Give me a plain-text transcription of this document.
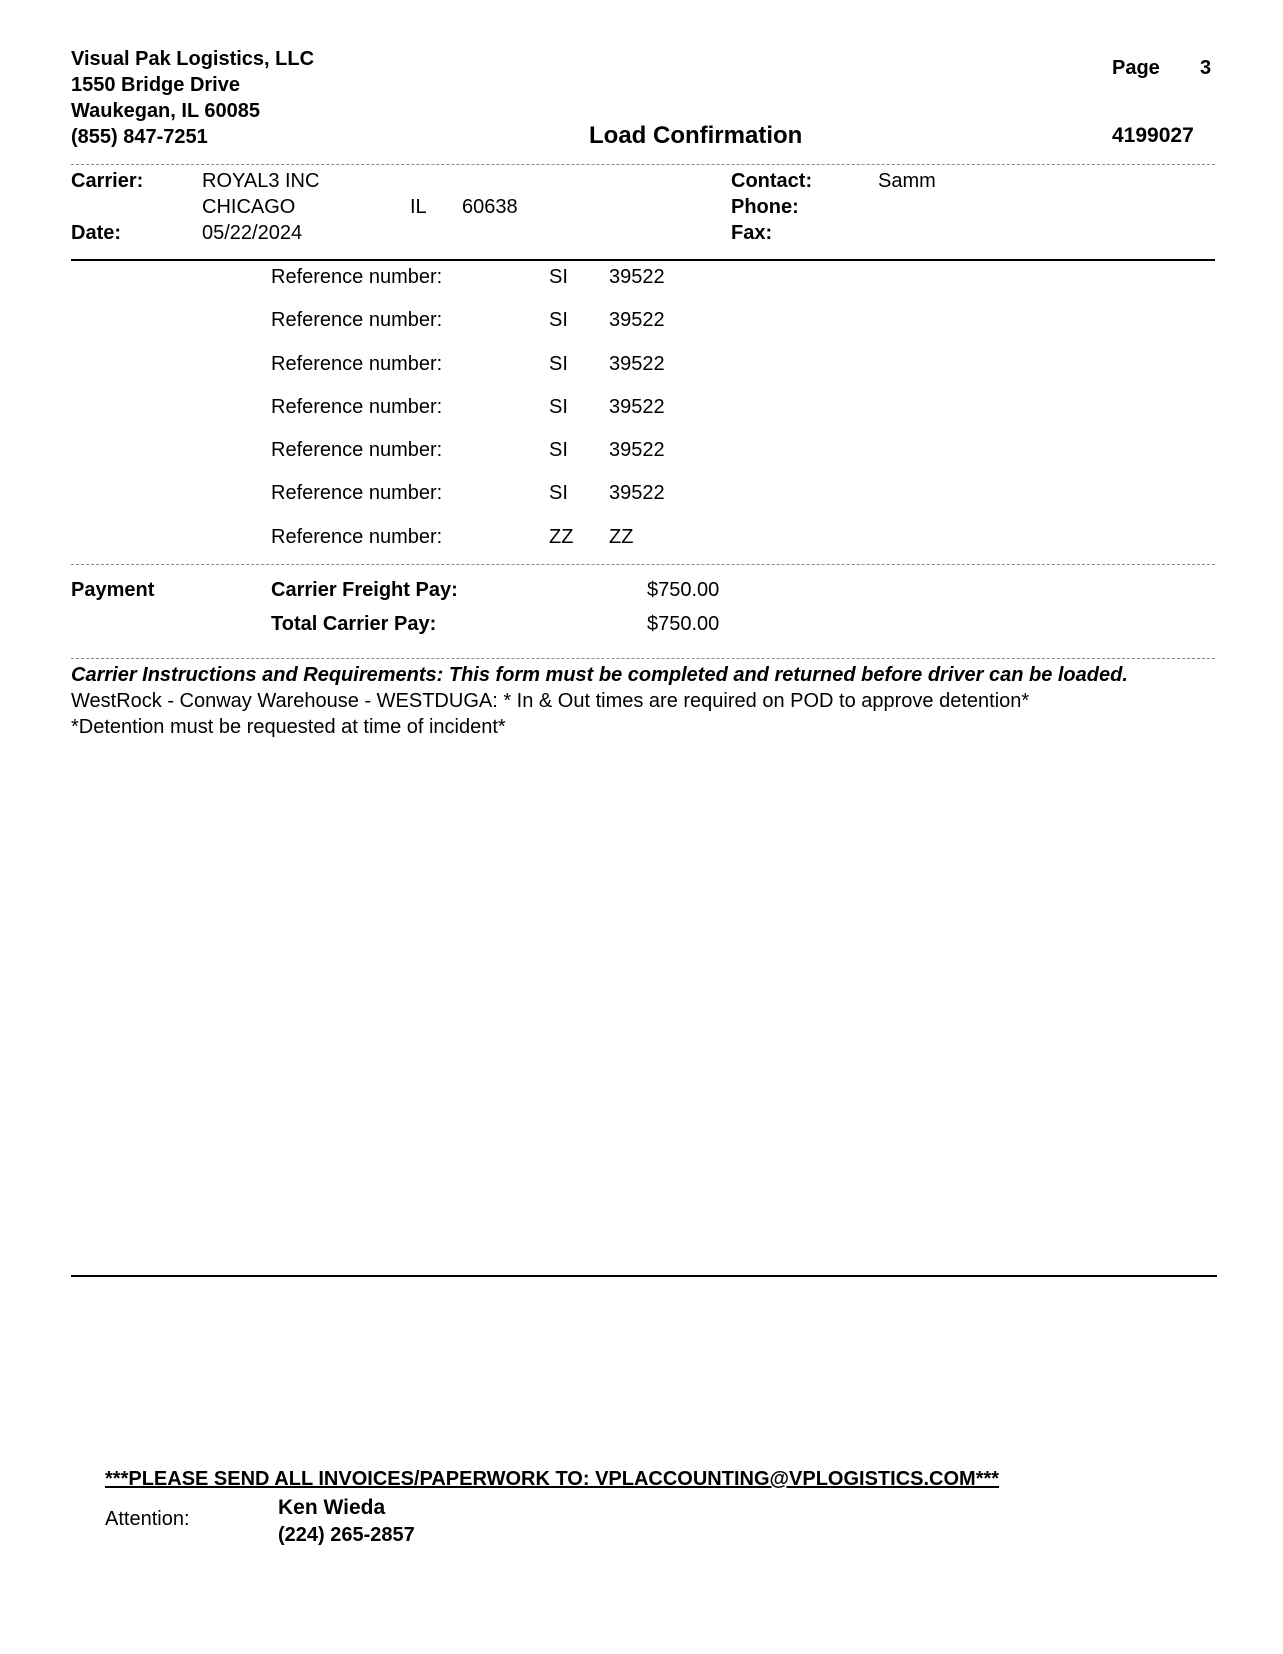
Visual Pak Logistics, LLC
1550 Bridge Drive
Waukegan, IL 60085
(855) 847-7251
Page 3
Load Confirmation	4199027
Carrier:	ROYAL3 INC
CHICAGO	IL 60638
Date:	05/22/2024
Contact:	Samm
Phone:
Fax:
Reference number:	SI 39522
Reference number:	SI 39522
Reference number:	SI 39522
Reference number:	SI 39522
Reference number:	SI 39522
Reference number:	SI 39522
Reference number:	ZZ ZZ
Payment	Carrier Freight Pay:	$750.00
Total Carrier Pay:	$750.00
Carrier Instructions and Requirements: This form must be completed and returned before driver can be loaded.
WestRock - Conway Warehouse - WESTDUGA: * In & Out times are required on POD to approve detention*
*Detention must be requested at time of incident*
***PLEASE SEND ALL INVOICES/PAPERWORK TO: VPLACCOUNTING@VPLOGISTICS.COM***
Attention:	Ken Wieda
(224) 265-2857
